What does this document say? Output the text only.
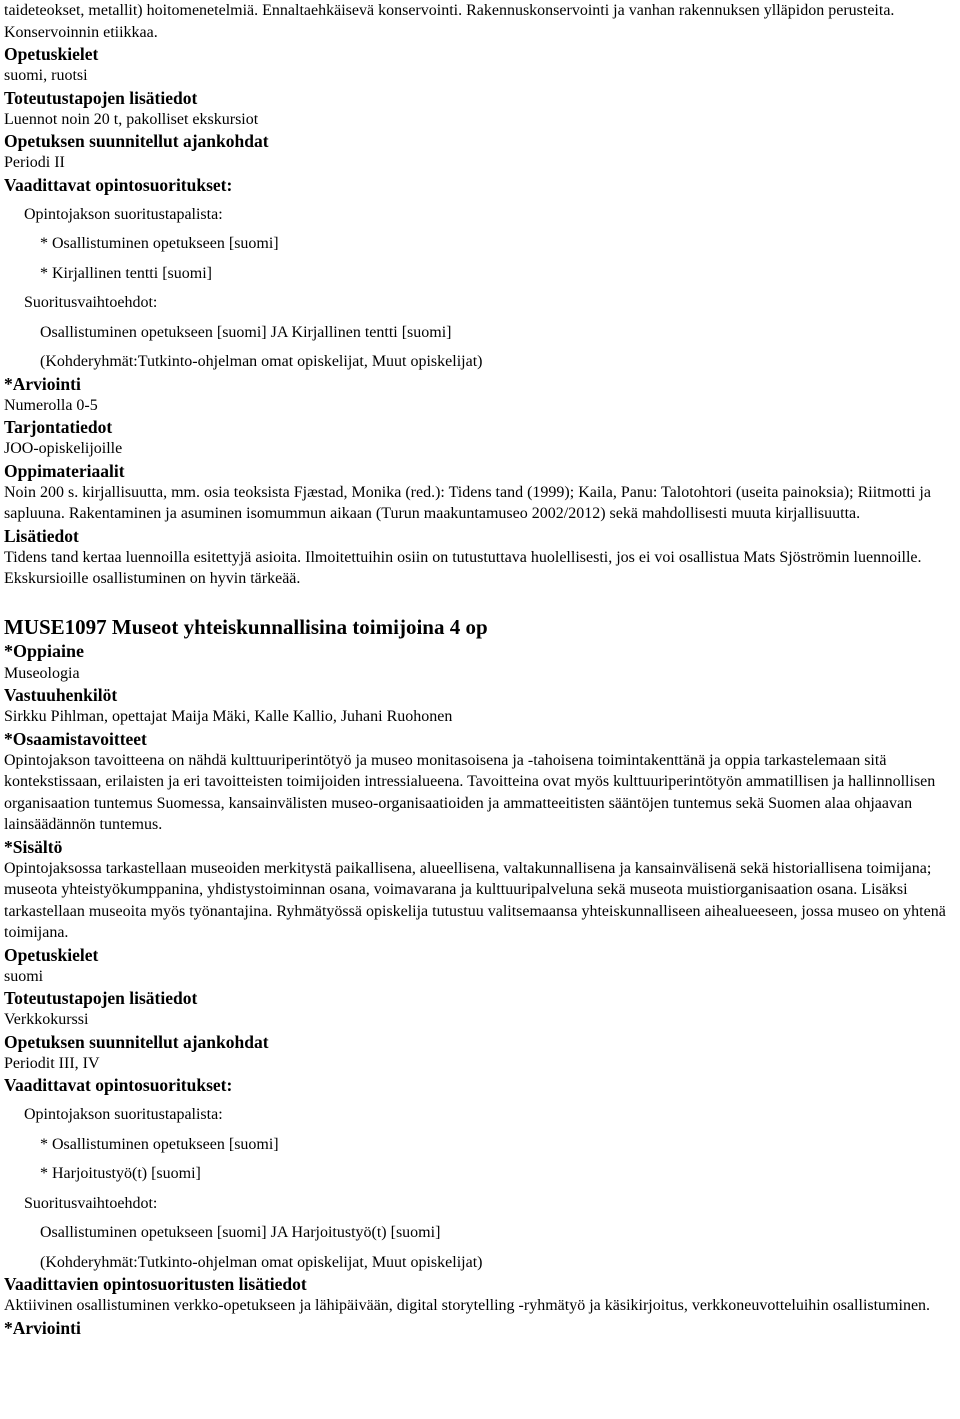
taideteokset, metallit) hoitomenetelmiä. Ennaltaehkäisevä konservointi. Rakennuskonservointi ja vanhan rakennuksen ylläpidon perusteita. Konservoinnin etiikkaa.

Opetuskielet

suomi, ruotsi

Toteutustapojen lisätiedot

Luennot noin 20 t, pakolliset ekskursiot

Opetuksen suunnitellut ajankohdat

Periodi II

Vaadittavat opintosuoritukset:

Opintojakson suoritustapalista:

* Osallistuminen opetukseen [suomi]

* Kirjallinen tentti [suomi]

Suoritusvaihtoehdot:

Osallistuminen opetukseen [suomi] JA Kirjallinen tentti [suomi]

(Kohderyhmät:Tutkinto-ohjelman omat opiskelijat, Muut opiskelijat)

*Arviointi

Numerolla 0-5

Tarjontatiedot

JOO-opiskelijoille

Oppimateriaalit

Noin 200 s. kirjallisuutta, mm. osia teoksista Fjæstad, Monika (red.): Tidens tand (1999); Kaila, Panu: Talotohtori (useita painoksia); Riitmotti ja sapluuna. Rakentaminen ja asuminen isomummun aikaan (Turun maakuntamuseo 2002/2012) sekä mahdollisesti muuta kirjallisuutta.

Lisätiedot

Tidens tand kertaa luennoilla esitettyjä asioita. Ilmoitettuihin osiin on tutustuttava huolellisesti, jos ei voi osallistua Mats Sjöströmin luennoille. Ekskursioille osallistuminen on hyvin tärkeää.

MUSE1097 Museot yhteiskunnallisina toimijoina 4 op

*Oppiaine

Museologia

Vastuuhenkilöt

Sirkku Pihlman, opettajat Maija Mäki, Kalle Kallio, Juhani Ruohonen

*Osaamistavoitteet

Opintojakson tavoitteena on nähdä kulttuuriperintötyö ja museo monitasoisena ja -tahoisena toimintakenttänä ja oppia tarkastelemaan sitä kontekstissaan, erilaisten ja eri tavoitteisten toimijoiden intressialueena. Tavoitteina ovat myös kulttuuriperintötyön ammatillisen ja hallinnollisen organisaation tuntemus Suomessa, kansainvälisten museo-organisaatioiden ja ammatteeitisten sääntöjen tuntemus sekä Suomen alaa ohjaavan lainsäädännön tuntemus.

*Sisältö

Opintojaksossa tarkastellaan museoiden merkitystä paikallisena, alueellisena, valtakunnallisena ja kansainvälisenä sekä historiallisena toimijana; museota yhteistyökumppanina, yhdistystoiminnan osana, voimavarana ja kulttuuripalveluna sekä museota muistiorganisaation osana. Lisäksi tarkastellaan museoita myös työnantajina. Ryhmätyössä opiskelija tutustuu valitsemaansa yhteiskunnalliseen aihealueeseen, jossa museo on yhtenä toimijana.

Opetuskielet

suomi

Toteutustapojen lisätiedot

Verkkokurssi

Opetuksen suunnitellut ajankohdat

Periodit III, IV

Vaadittavat opintosuoritukset:

Opintojakson suoritustapalista:

* Osallistuminen opetukseen [suomi]

* Harjoitustyö(t) [suomi]

Suoritusvaihtoehdot:

Osallistuminen opetukseen [suomi] JA Harjoitustyö(t) [suomi]

(Kohderyhmät:Tutkinto-ohjelman omat opiskelijat, Muut opiskelijat)

Vaadittavien opintosuoritusten lisätiedot

Aktiivinen osallistuminen verkko-opetukseen ja lähipäivään, digital storytelling -ryhmätyö ja käsikirjoitus, verkkoneuvotteluihin osallistuminen.

*Arviointi
